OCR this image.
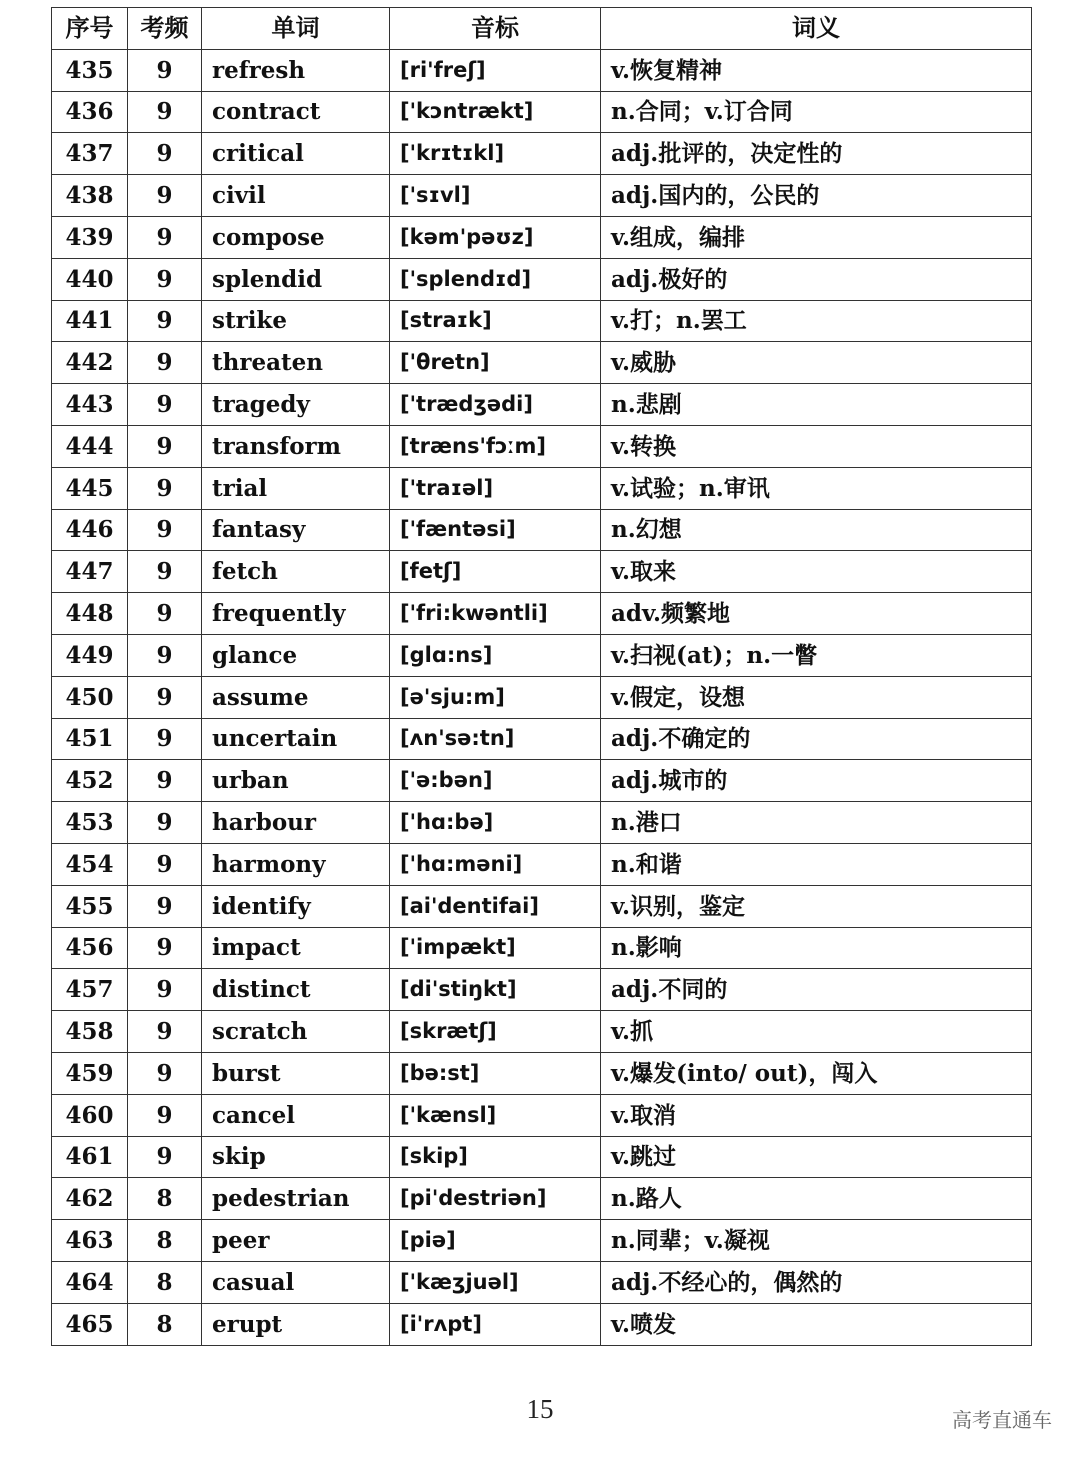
序号	考频	单词	音标	词义
435	9	refresh	[ri'freʃ]	v.恢复精神
436	9	contract	['kɔntrækt]	n.合同；v.订合同
437	9	critical	['krɪtɪkl]	adj.批评的，决定性的
438	9	civil	['sɪvl]	adj.国内的，公民的
439	9	compose	[kəm'pəʊz]	v.组成，编排
440	9	splendid	['splendɪd]	adj.极好的
441	9	strike	[straɪk]	v.打；n.罢工
442	9	threaten	['θretn]	v.威胁
443	9	tragedy	['trædʒədi]	n.悲剧
444	9	transform	[træns'fɔːm]	v.转换
445	9	trial	['traɪəl]	v.试验；n.审讯
446	9	fantasy	['fæntəsi]	n.幻想
447	9	fetch	[fetʃ]	v.取来
448	9	frequently	['fri:kwəntli]	adv.频繁地
449	9	glance	[glɑ:ns]	v.扫视(at)；n.一瞥
450	9	assume	[ə'sju:m]	v.假定，设想
451	9	uncertain	[ʌn'sə:tn]	adj.不确定的
452	9	urban	['ə:bən]	adj.城市的
453	9	harbour	['hɑ:bə]	n.港口
454	9	harmony	['hɑ:məni]	n.和谐
455	9	identify	[ai'dentifai]	v.识别，鉴定
456	9	impact	['impækt]	n.影响
457	9	distinct	[di'stiŋkt]	adj.不同的
458	9	scratch	[skrætʃ]	v.抓
459	9	burst	[bə:st]	v.爆发(into/ out)，闯入
460	9	cancel	['kænsl]	v.取消
461	9	skip	[skip]	v.跳过
462	8	pedestrian	[pi'destriən]	n.路人
463	8	peer	[piə]	n.同辈；v.凝视
464	8	casual	['kæʒjuəl]	adj.不经心的，偶然的
465	8	erupt	[i'rʌpt]	v.喷发
15	高考直通车
